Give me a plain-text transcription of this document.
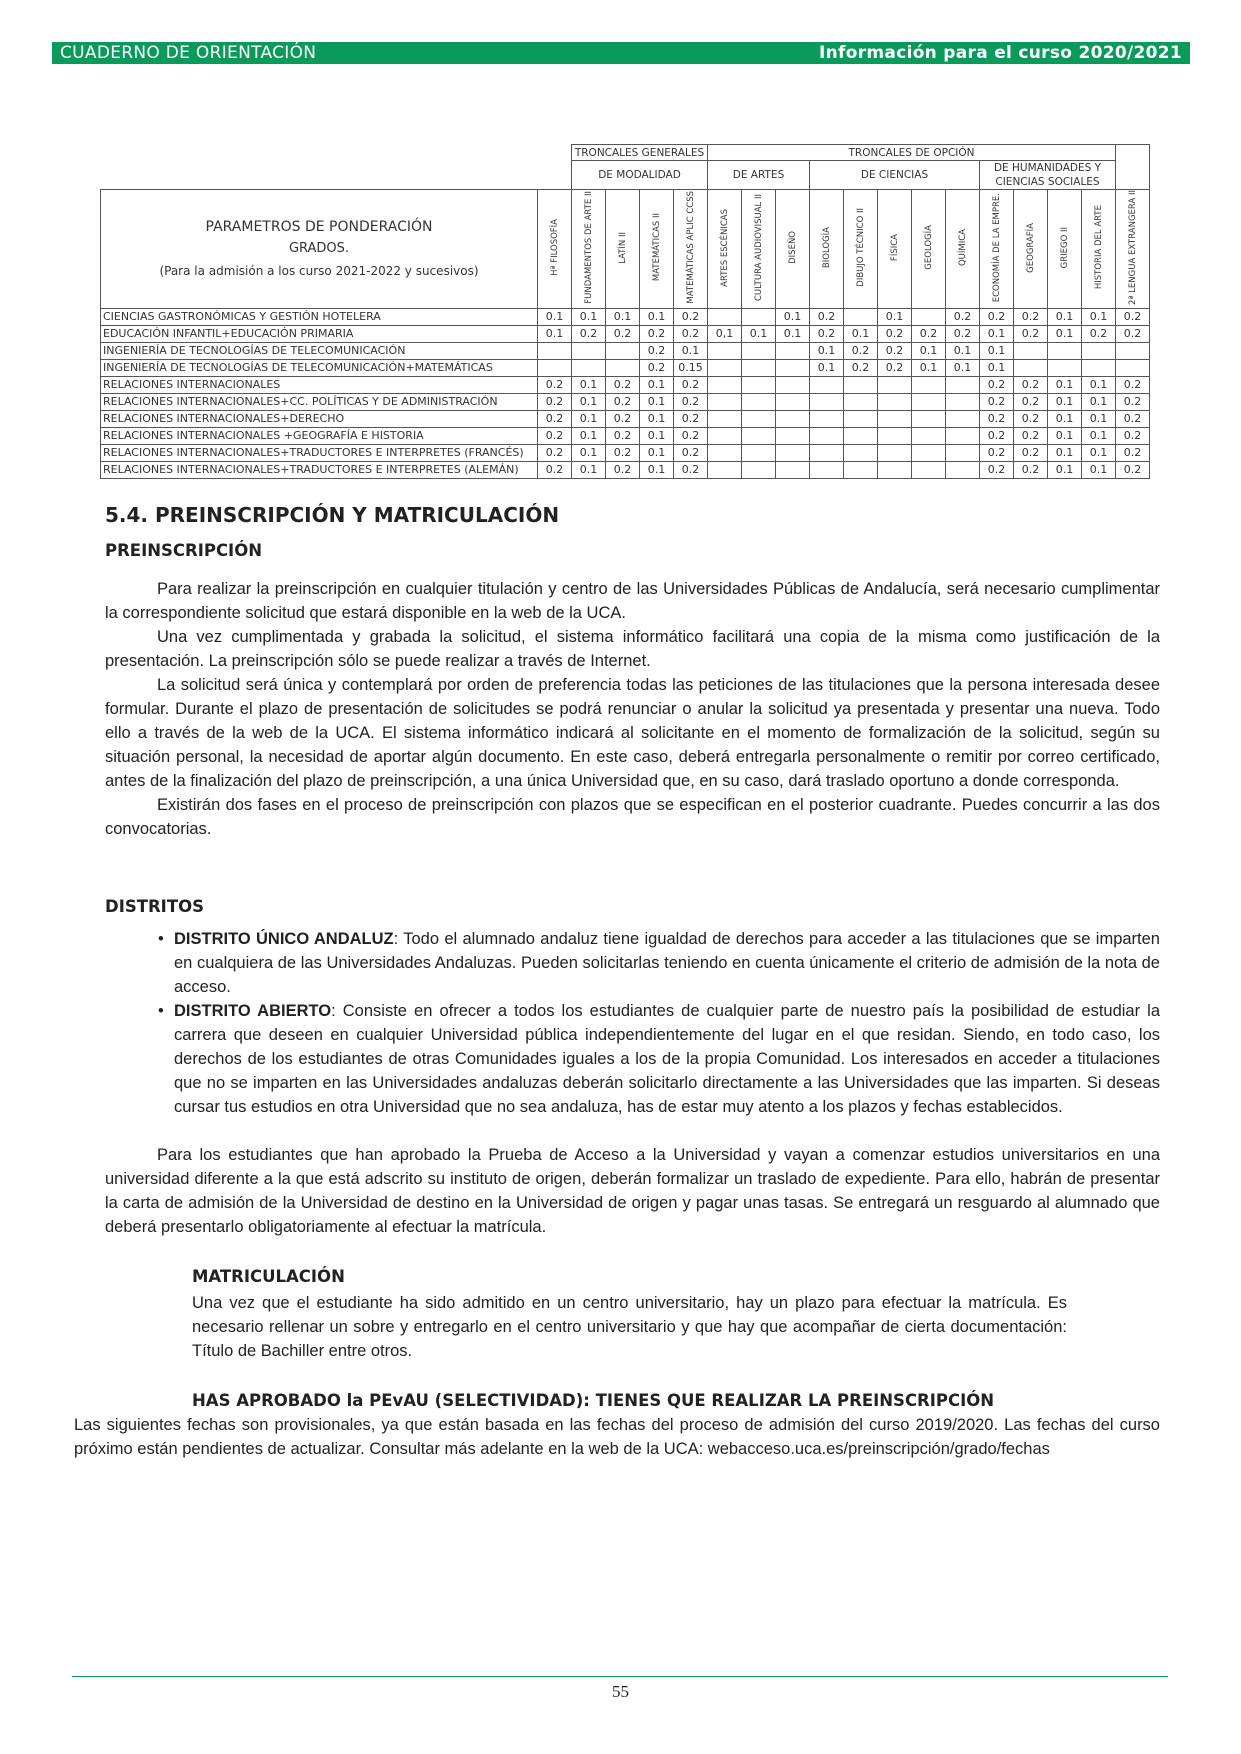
CUADERNO DE ORIENTACIÓN	Información para el curso 2020/2021
		TRONCALES GENERALES				TRONCALES DE OPCIÓN												
		DE MODALIDAD				DE ARTES			DE CIENCIAS					DE HUMANIDADES Y CIENCIAS SOCIALES				

PARAMETROS DE PONDERACIÓN
GRADOS.
(Para la admisión a los curso 2021-2022 y sucesivos)	Hª FILOSOFÍA	FUNDAMENTOS DE ARTE II	LATÍN II	MATEMÁTICAS II	MATEMÁTICAS APLIC CCSS	ARTES ESCÉNICAS	CULTURA AUDIOVISUAL II	DISEÑO	BIOLOGÍA	DIBUJO TÉCNICO II	FÍSICA	GEOLOGÍA	QUÍMICA	ECONOMÍA DE LA EMPRE.	GEOGRAFÍA	GRIEGO II	HISTORIA DEL ARTE	2ª LENGUA EXTRANGERA II
CIENCIAS GASTRONÓMICAS Y GESTIÓN HOTELERA	0.1	0.1	0.1	0.1	0.2			0.1	0.2		0.1		0.2	0.2	0.2	0.1	0.1	0.2
EDUCACIÓN INFANTIL+EDUCACIÓN PRIMARIA	0.1	0.2	0.2	0.2	0.2	0,1	0.1	0.1	0.2	0.1	0.2	0.2	0.2	0.1	0.2	0.1	0.2	0.2
INGENIERÍA DE TECNOLOGÍAS DE TELECOMUNICACIÓN				0.2	0.1				0.1	0.2	0.2	0.1	0.1	0.1				
INGENIERÍA DE TECNOLOGÍAS DE TELECOMUNICACIÓN+MATEMÁTICAS				0.2	0.15				0.1	0.2	0.2	0.1	0.1	0.1				
RELACIONES INTERNACIONALES	0.2	0.1	0.2	0.1	0.2									0.2	0.2	0.1	0.1	0.2
RELACIONES INTERNACIONALES+CC. POLÍTICAS Y DE ADMINISTRACIÓN	0.2	0.1	0.2	0.1	0.2									0.2	0.2	0.1	0.1	0.2
RELACIONES INTERNACIONALES+DERECHO	0.2	0.1	0.2	0.1	0.2									0.2	0.2	0.1	0.1	0.2
RELACIONES INTERNACIONALES +GEOGRAFÍA E HISTORIA	0.2	0.1	0.2	0.1	0.2									0.2	0.2	0.1	0.1	0.2
RELACIONES INTERNACIONALES+TRADUCTORES E INTERPRETES (FRANCÉS)	0.2	0.1	0.2	0.1	0.2									0.2	0.2	0.1	0.1	0.2
RELACIONES INTERNACIONALES+TRADUCTORES E INTERPRETES (ALEMÁN)	0.2	0.1	0.2	0.1	0.2									0.2	0.2	0.1	0.1	0.2
5.4. PREINSCRIPCIÓN Y MATRICULACIÓN
PREINSCRIPCIÓN

Para realizar la preinscripción en cualquier titulación y centro de las Universidades Públicas de Andalucía, será necesario cumplimentar la correspondiente solicitud que estará disponible en la web de la UCA.

Una vez cumplimentada y grabada la solicitud, el sistema informático facilitará una copia de la misma como justificación de la presentación. La preinscripción sólo se puede realizar a través de Internet.

La solicitud será única y contemplará por orden de preferencia todas las peticiones de las titulaciones que la persona interesada desee formular. Durante el plazo de presentación de solicitudes se podrá renunciar o anular la solicitud ya presentada y presentar una nueva. Todo ello a través de la web de la UCA. El sistema informático indicará al solicitante en el momento de formalización de la solicitud, según su situación personal, la necesidad de aportar algún documento. En este caso, deberá entregarla personalmente o remitir por correo certificado, antes de la finalización del plazo de preinscripción, a una única Universidad que, en su caso, dará traslado oportuno a donde corresponda.

Existirán dos fases en el proceso de preinscripción con plazos que se especifican en el posterior cuadrante. Puedes concurrir a las dos convocatorias.

DISTRITOS
• DISTRITO ÚNICO ANDALUZ: Todo el alumnado andaluz tiene igualdad de derechos para acceder a las titulaciones que se imparten en cualquiera de las Universidades Andaluzas. Pueden solicitarlas teniendo en cuenta únicamente el criterio de admisión de la nota de acceso.
• DISTRITO ABIERTO: Consiste en ofrecer a todos los estudiantes de cualquier parte de nuestro país la posibilidad de estudiar la carrera que deseen en cualquier Universidad pública independientemente del lugar en el que residan. Siendo, en todo caso, los derechos de los estudiantes de otras Comunidades iguales a los de la propia Comunidad. Los interesados en acceder a titulaciones que no se imparten en las Universidades andaluzas deberán solicitarlo directamente a las Universidades que las imparten. Si deseas cursar tus estudios en otra Universidad que no sea andaluza, has de estar muy atento a los plazos y fechas establecidos.

Para los estudiantes que han aprobado la Prueba de Acceso a la Universidad y vayan a comenzar estudios universitarios en una universidad diferente a la que está adscrito su instituto de origen, deberán formalizar un traslado de expediente. Para ello, habrán de presentar la carta de admisión de la Universidad de destino en la Universidad de origen y pagar unas tasas. Se entregará un resguardo al alumnado que deberá presentarlo obligatoriamente al efectuar la matrícula.

MATRICULACIÓN
Una vez que el estudiante ha sido admitido en un centro universitario, hay un plazo para efectuar la matrícula. Es necesario rellenar un sobre y entregarlo en el centro universitario y que hay que acompañar de cierta documentación: Título de Bachiller entre otros.
HAS APROBADO la PEvAU (SELECTIVIDAD): TIENES QUE REALIZAR LA PREINSCRIPCIÓN
Las siguientes fechas son provisionales, ya que están basada en las fechas del proceso de admisión del curso 2019/2020. Las fechas del curso próximo están pendientes de actualizar. Consultar más adelante en la web de la UCA: webacceso.uca.es/preinscripción/grado/fechas
55
